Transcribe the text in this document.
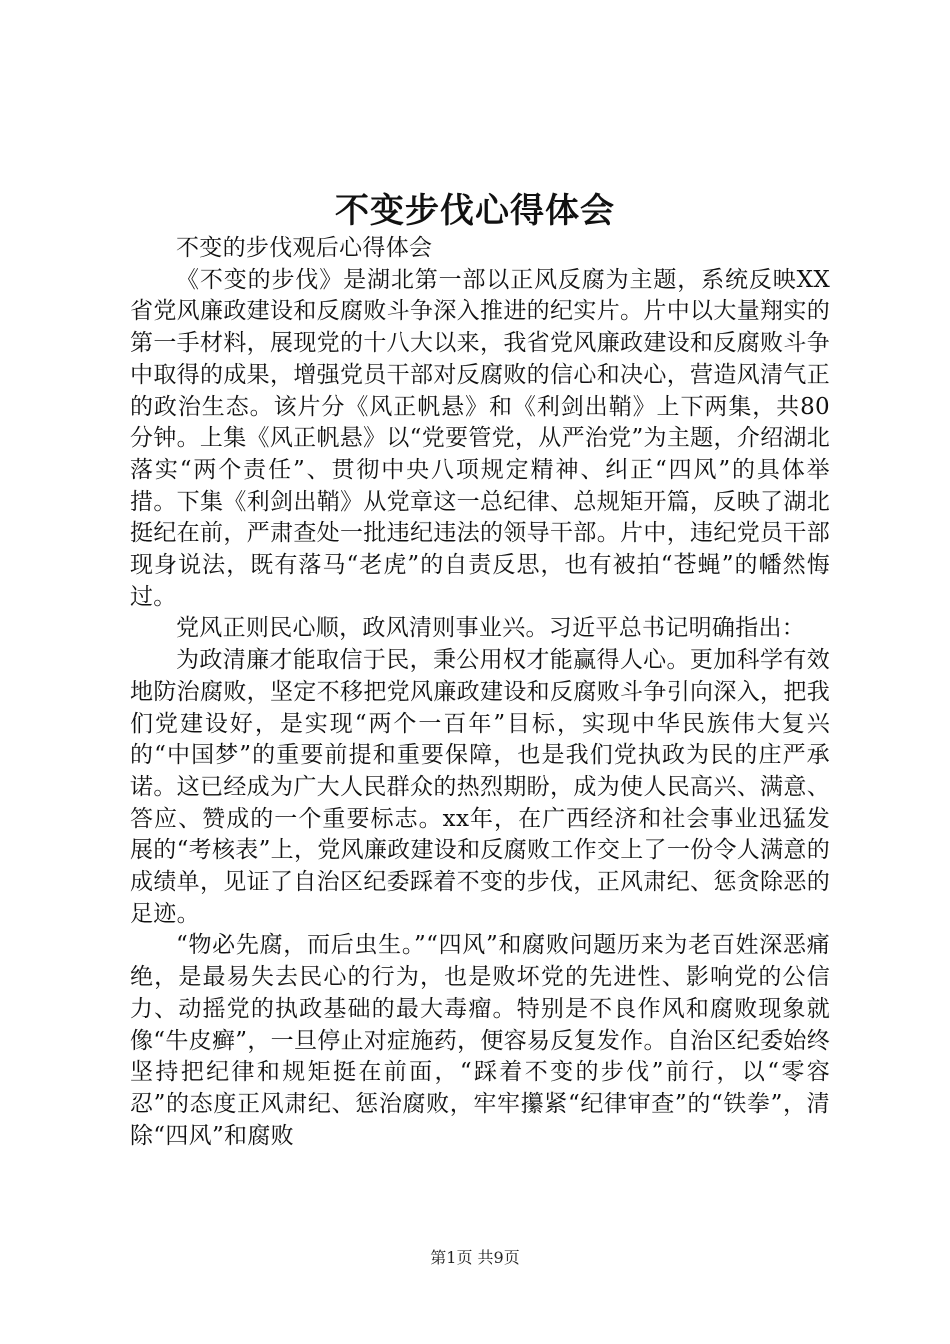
不变步伐心得体会

不变的步伐观后心得体会

《不变的步伐》是湖北第一部以正风反腐为主题，系统反映XX省党风廉政建设和反腐败斗争深入推进的纪实片。片中以大量翔实的第一手材料，展现党的十八大以来，我省党风廉政建设和反腐败斗争中取得的成果，增强党员干部对反腐败的信心和决心，营造风清气正的政治生态。该片分《风正帆悬》和《利剑出鞘》上下两集，共80分钟。上集《风正帆悬》以“党要管党，从严治党”为主题，介绍湖北落实“两个责任”、贯彻中央八项规定精神、纠正“四风”的具体举措。下集《利剑出鞘》从党章这一总纪律、总规矩开篇，反映了湖北挺纪在前，严肃查处一批违纪违法的领导干部。片中，违纪党员干部现身说法，既有落马“老虎”的自责反思，也有被拍“苍蝇”的幡然悔过。

党风正则民心顺，政风清则事业兴。习近平总书记明确指出：

为政清廉才能取信于民，秉公用权才能赢得人心。更加科学有效地防治腐败，坚定不移把党风廉政建设和反腐败斗争引向深入，把我们党建设好，是实现“两个一百年”目标，实现中华民族伟大复兴的“中国梦”的重要前提和重要保障，也是我们党执政为民的庄严承诺。这已经成为广大人民群众的热烈期盼，成为使人民高兴、满意、答应、赞成的一个重要标志。xx年，在广西经济和社会事业迅猛发展的“考核表”上，党风廉政建设和反腐败工作交上了一份令人满意的成绩单，见证了自治区纪委踩着不变的步伐，正风肃纪、惩贪除恶的足迹。

“物必先腐，而后虫生。”“四风”和腐败问题历来为老百姓深恶痛绝，是最易失去民心的行为，也是败坏党的先进性、影响党的公信力、动摇党的执政基础的最大毒瘤。特别是不良作风和腐败现象就像“牛皮癣”，一旦停止对症施药，便容易反复发作。自治区纪委始终坚持把纪律和规矩挺在前面，“踩着不变的步伐”前行，以“零容忍”的态度正风肃纪、惩治腐败，牢牢攥紧“纪律审查”的“铁拳”，清除“四风”和腐败

第1页 共9页
